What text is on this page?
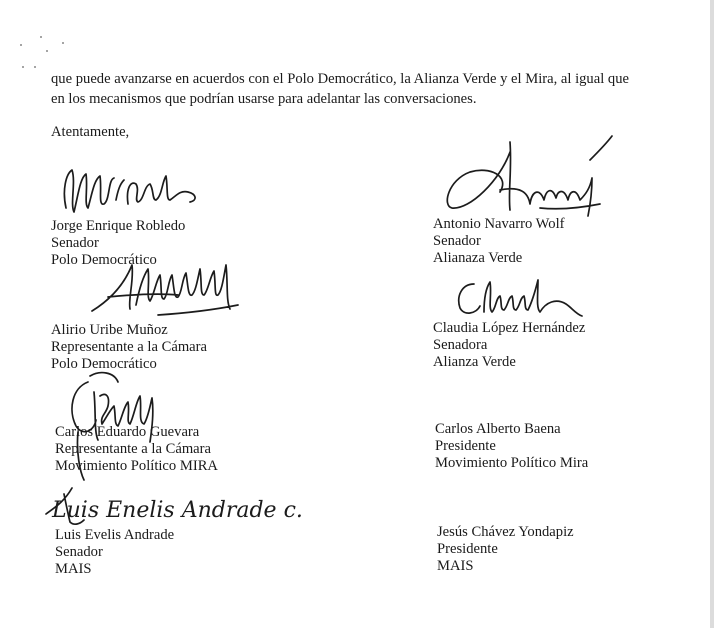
que puede avanzarse en acuerdos con el Polo Democrático, la Alianza Verde y el Mira, al igual que
en los mecanismos que podrían usarse para adelantar las conversaciones.
Atentamente,
Jorge Enrique Robledo
Senador
Polo Democrático
Antonio Navarro Wolf
Senador
Alianaza Verde
Alirio Uribe Muñoz
Representante a la Cámara
Polo Democrático
Claudia López Hernández
Senadora
Alianza Verde
Carlos Eduardo Guevara
Representante a la Cámara
Movimiento Político MIRA
Carlos Alberto Baena
Presidente
Movimiento Político Mira
Luis Enelis Andrade c.
Luis Evelis Andrade
Senador
MAIS
Jesús Chávez Yondapiz
Presidente
MAIS
